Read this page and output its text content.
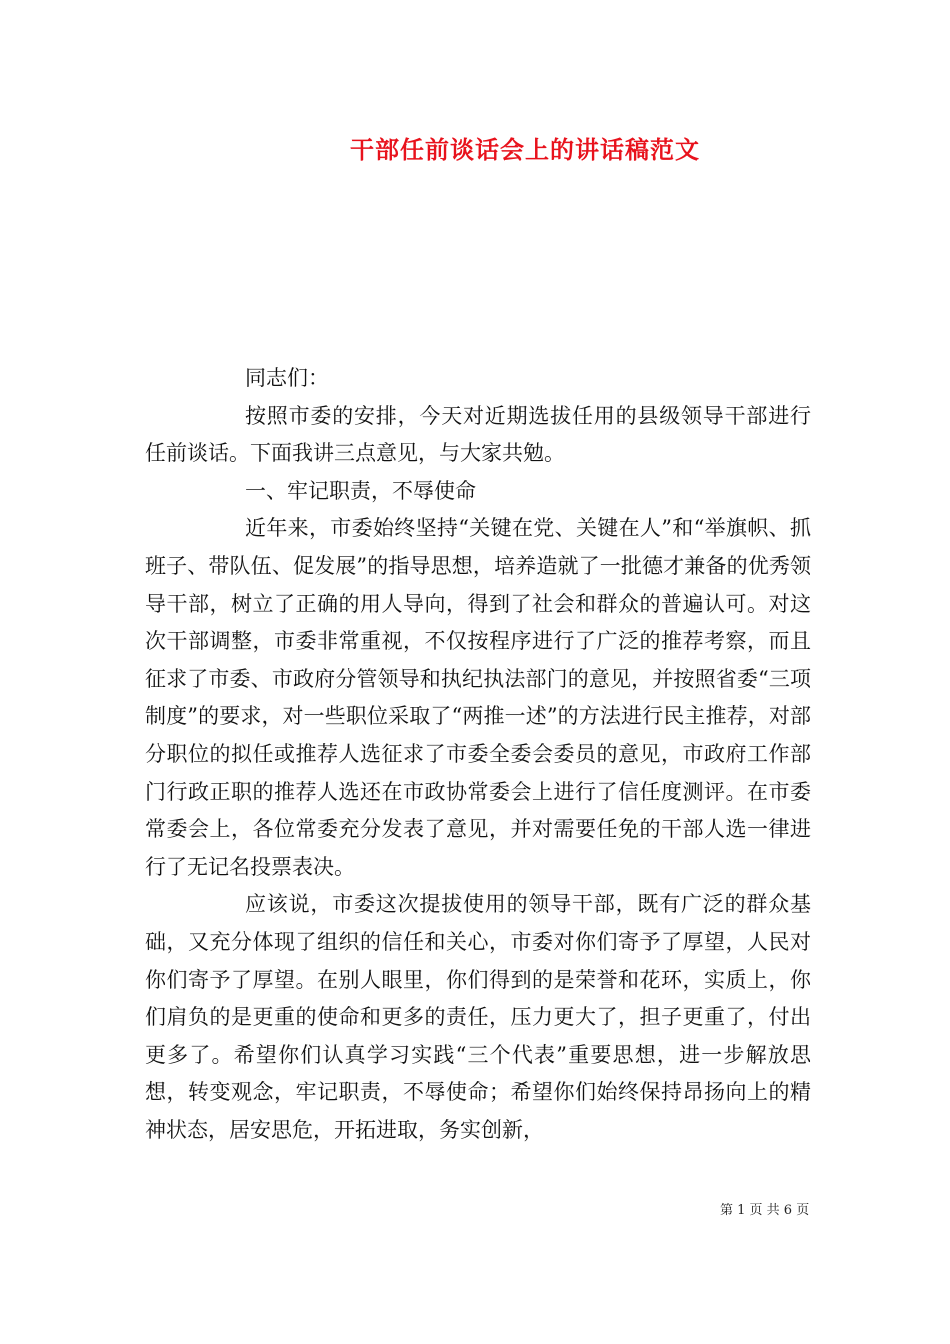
干部任前谈话会上的讲话稿范文

同志们：

按照市委的安排，今天对近期选拔任用的县级领导干部进行任前谈话。下面我讲三点意见，与大家共勉。

一、牢记职责，不辱使命

近年来，市委始终坚持“关键在党、关键在人”和“举旗帜、抓班子、带队伍、促发展”的指导思想，培养造就了一批德才兼备的优秀领导干部，树立了正确的用人导向，得到了社会和群众的普遍认可。对这次干部调整，市委非常重视，不仅按程序进行了广泛的推荐考察，而且征求了市委、市政府分管领导和执纪执法部门的意见，并按照省委“三项制度”的要求，对一些职位采取了“两推一述”的方法进行民主推荐，对部分职位的拟任或推荐人选征求了市委全委会委员的意见，市政府工作部门行政正职的推荐人选还在市政协常委会上进行了信任度测评。在市委常委会上，各位常委充分发表了意见，并对需要任免的干部人选一律进行了无记名投票表决。

应该说，市委这次提拔使用的领导干部，既有广泛的群众基础，又充分体现了组织的信任和关心，市委对你们寄予了厚望，人民对你们寄予了厚望。在别人眼里，你们得到的是荣誉和花环，实质上，你们肩负的是更重的使命和更多的责任，压力更大了，担子更重了，付出更多了。希望你们认真学习实践“三个代表”重要思想，进一步解放思想，转变观念，牢记职责，不辱使命；希望你们始终保持昂扬向上的精神状态，居安思危，开拓进取，务实创新，

第 1 页 共 6 页
